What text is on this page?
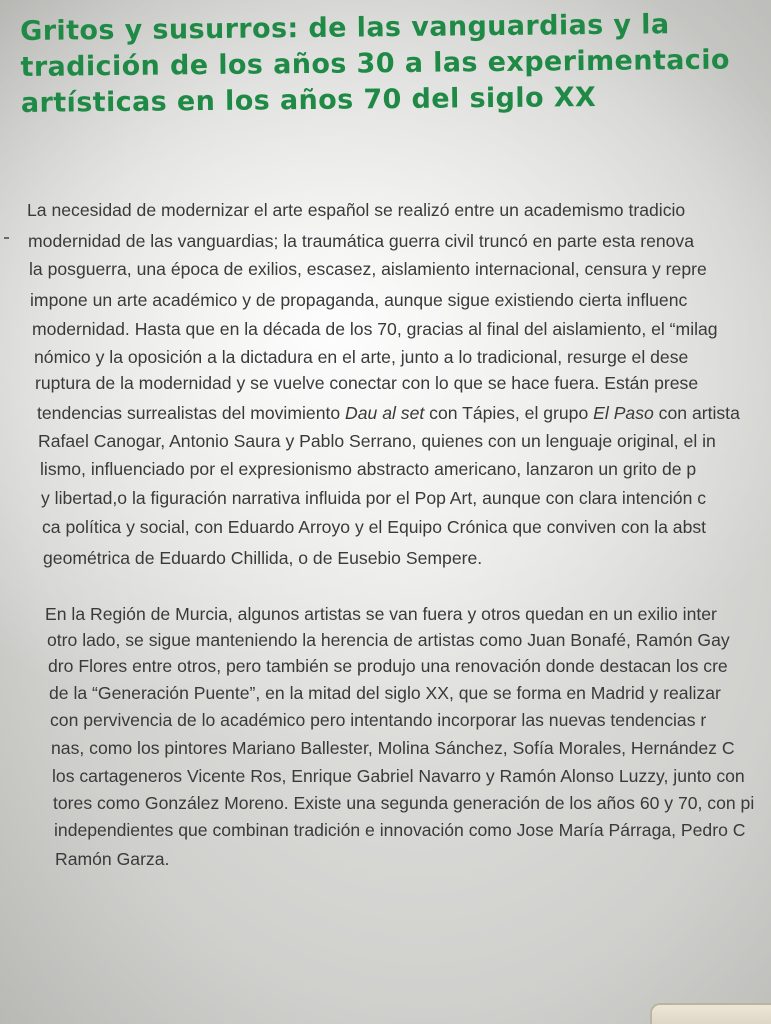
Gritos y susurros: de las vanguardias y la
tradición de los años 30 a las experimentacio
artísticas en los años 70 del siglo XX
La necesidad de modernizar el arte español se realizó entre un academismo tradicio
modernidad de las vanguardias; la traumática guerra civil truncó en parte esta renova
la posguerra, una época de exilios, escasez, aislamiento internacional, censura y repre
impone un arte académico y de propaganda, aunque sigue existiendo cierta influenc
modernidad. Hasta que en la década de los 70, gracias al final del aislamiento, el “milag
nómico y la oposición a la dictadura en el arte, junto a lo tradicional, resurge el dese
ruptura de la modernidad y se vuelve conectar con lo que se hace fuera. Están prese
tendencias surrealistas del movimiento Dau al set con Tápies, el grupo El Paso con artista
Rafael Canogar, Antonio Saura y Pablo Serrano, quienes con un lenguaje original, el in
lismo, influenciado por el expresionismo abstracto americano, lanzaron un grito de p
y libertad,o la figuración narrativa influida por el Pop Art, aunque con clara intención c
ca política y social, con Eduardo Arroyo y el Equipo Crónica que conviven con la abst
geométrica de Eduardo Chillida, o de Eusebio Sempere.
En la Región de Murcia, algunos artistas se van fuera y otros quedan en un exilio inter
otro lado, se sigue manteniendo la herencia de artistas como Juan Bonafé, Ramón Gay
dro Flores entre otros, pero también se produjo una renovación donde destacan los cre
de la “Generación Puente”, en la mitad del siglo XX, que se forma en Madrid y realizar
con pervivencia de lo académico pero intentando incorporar las nuevas tendencias r
nas, como los pintores Mariano Ballester, Molina Sánchez, Sofía Morales, Hernández C
los cartageneros Vicente Ros, Enrique Gabriel Navarro y Ramón Alonso Luzzy, junto con
tores como González Moreno. Existe una segunda generación de los años 60 y 70, con pi
independientes que combinan tradición e innovación como Jose María Párraga, Pedro C
Ramón Garza.
